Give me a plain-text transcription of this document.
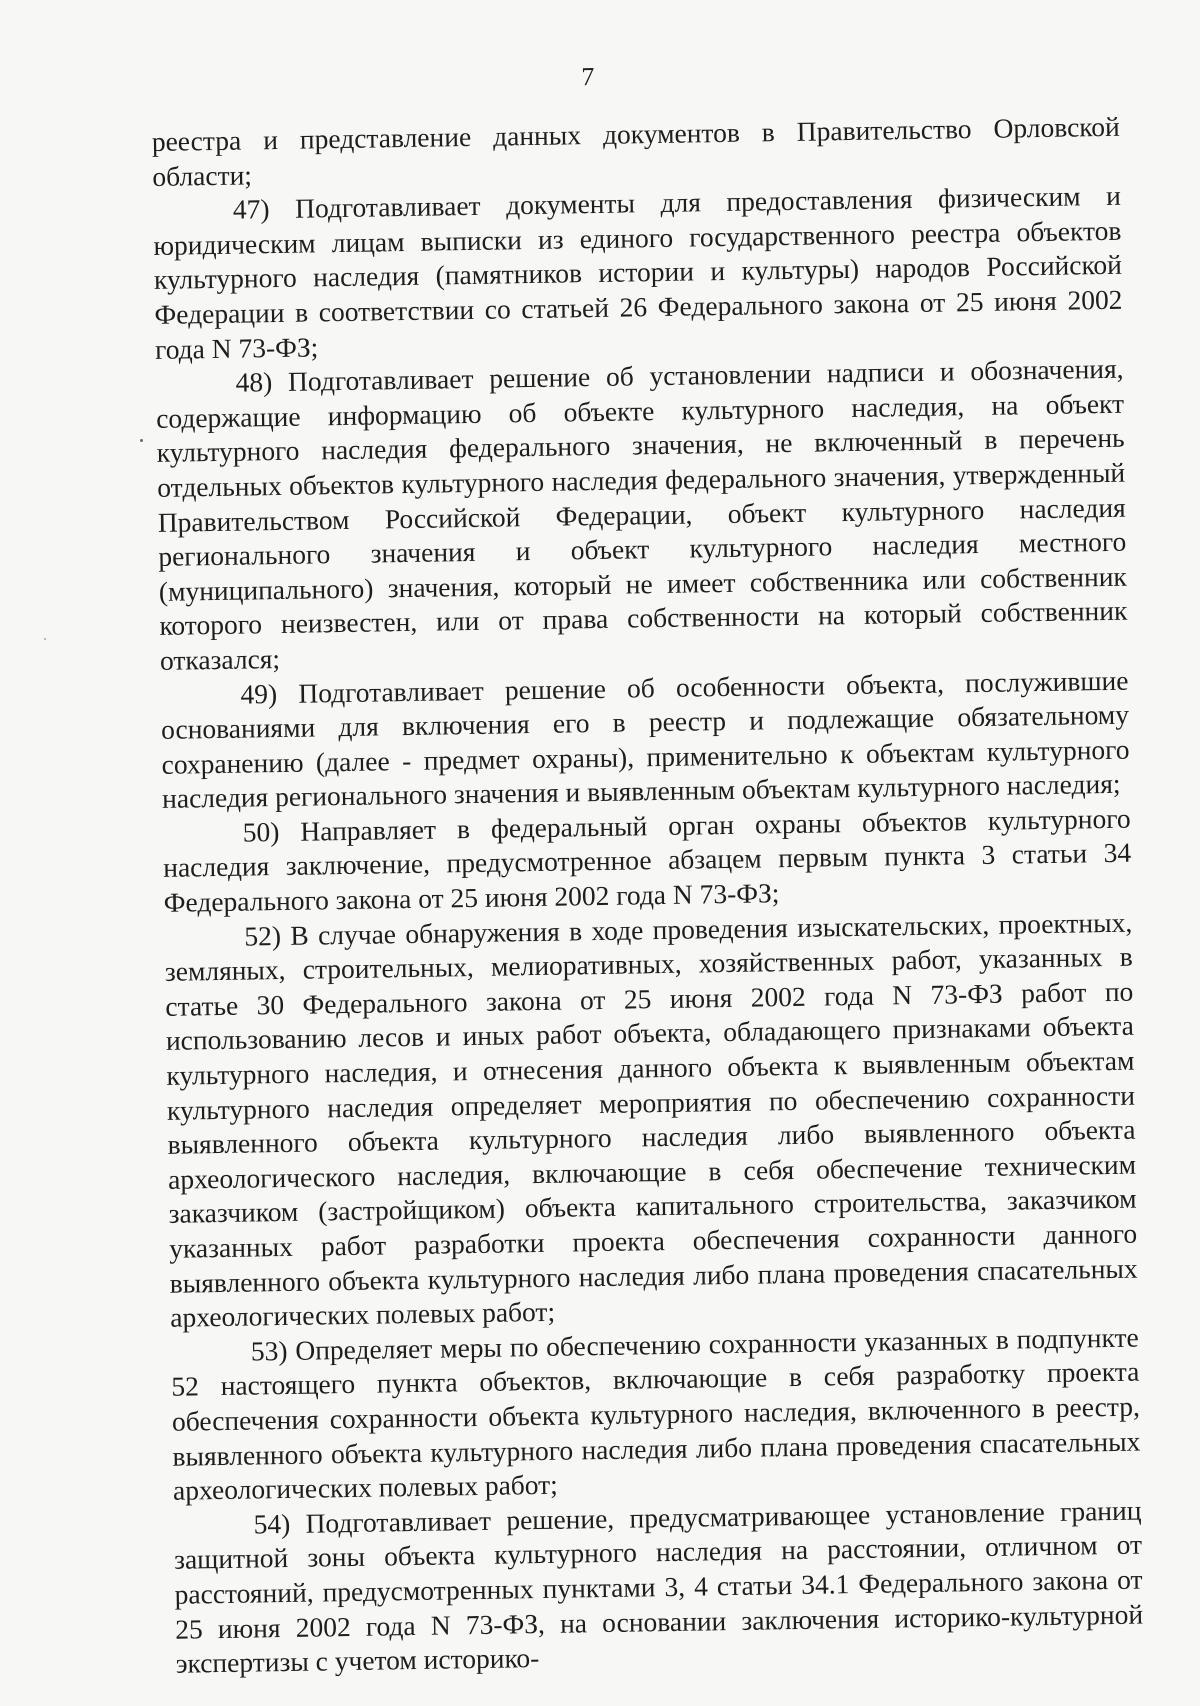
7

реестра и представление данных документов в Правительство Орловской области;

47) Подготавливает документы для предоставления физическим и юридическим лицам выписки из единого государственного реестра объектов культурного наследия (памятников истории и культуры) народов Российской Федерации в соответствии со статьей 26 Федерального закона от 25 июня 2002 года N 73-ФЗ;

48) Подготавливает решение об установлении надписи и обозначения, содержащие информацию об объекте культурного наследия, на объект культурного наследия федерального значения, не включенный в перечень отдельных объектов культурного наследия федерального значения, утвержденный Правительством Российской Федерации, объект культурного наследия регионального значения и объект культурного наследия местного (муниципального) значения, который не имеет собственника или собственник которого неизвестен, или от права собственности на который собственник отказался;

49) Подготавливает решение об особенности объекта, послужившие основаниями для включения его в реестр и подлежащие обязательному сохранению (далее - предмет охраны), применительно к объектам культурного наследия регионального значения и выявленным объектам культурного наследия;

50) Направляет в федеральный орган охраны объектов культурного наследия заключение, предусмотренное абзацем первым пункта 3 статьи 34 Федерального закона от 25 июня 2002 года N 73-ФЗ;

52) В случае обнаружения в ходе проведения изыскательских, проектных, земляных, строительных, мелиоративных, хозяйственных работ, указанных в статье 30 Федерального закона от 25 июня 2002 года N 73-ФЗ работ по использованию лесов и иных работ объекта, обладающего признаками объекта культурного наследия, и отнесения данного объекта к выявленным объектам культурного наследия определяет мероприятия по обеспечению сохранности выявленного объекта культурного наследия либо выявленного объекта археологического наследия, включающие в себя обеспечение техническим заказчиком (застройщиком) объекта капитального строительства, заказчиком указанных работ разработки проекта обеспечения сохранности данного выявленного объекта культурного наследия либо плана проведения спасательных археологических полевых работ;

53) Определяет меры по обеспечению сохранности указанных в подпункте 52 настоящего пункта объектов, включающие в себя разработку проекта обеспечения сохранности объекта культурного наследия, включенного в реестр, выявленного объекта культурного наследия либо плана проведения спасательных археологических полевых работ;

54) Подготавливает решение, предусматривающее установление границ защитной зоны объекта культурного наследия на расстоянии, отличном от расстояний, предусмотренных пунктами 3, 4 статьи 34.1 Федерального закона от 25 июня 2002 года N 73-ФЗ, на основании заключения историко-культурной экспертизы с учетом историко-
